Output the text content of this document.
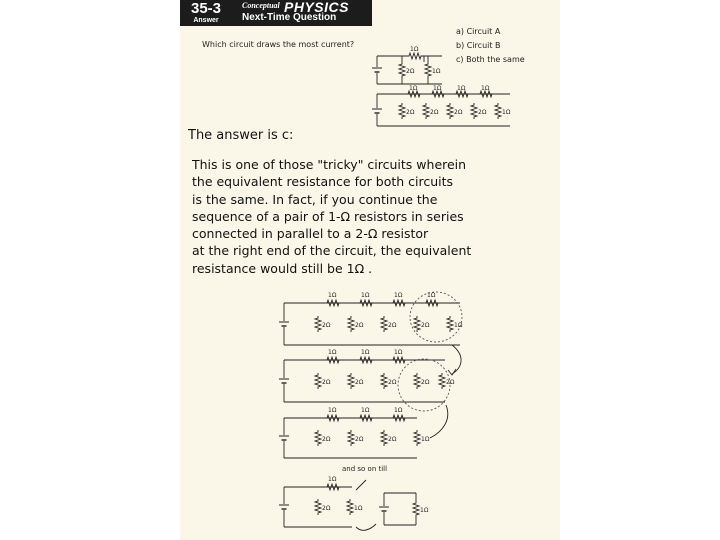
35-3
Answer
Conceptual PHYSICS
Next-Time Question
Which circuit draws the most current?
a) Circuit A
b) Circuit B
c) Both the same
1Ω
2Ω	1Ω
1Ω	1Ω	1Ω	1Ω
2Ω	2Ω	2Ω	2Ω	1Ω
1Ω	1Ω	1Ω	1Ω
2Ω	2Ω	2Ω	2Ω	1Ω
1Ω	1Ω	1Ω
2Ω	2Ω	2Ω	2Ω	2Ω
1Ω	1Ω	1Ω
2Ω	2Ω	2Ω	1Ω
1Ω
2Ω	1Ω	1Ω
The answer is c:

This is one of those "tricky" circuits wherein

the equivalent resistance for both circuits

is the same. In fact, if you continue the

sequence of a pair of 1-Ω resistors in series

connected in parallel to a 2-Ω resistor

at the right end of the circuit, the equivalent

resistance would still be 1Ω .

and so on till
